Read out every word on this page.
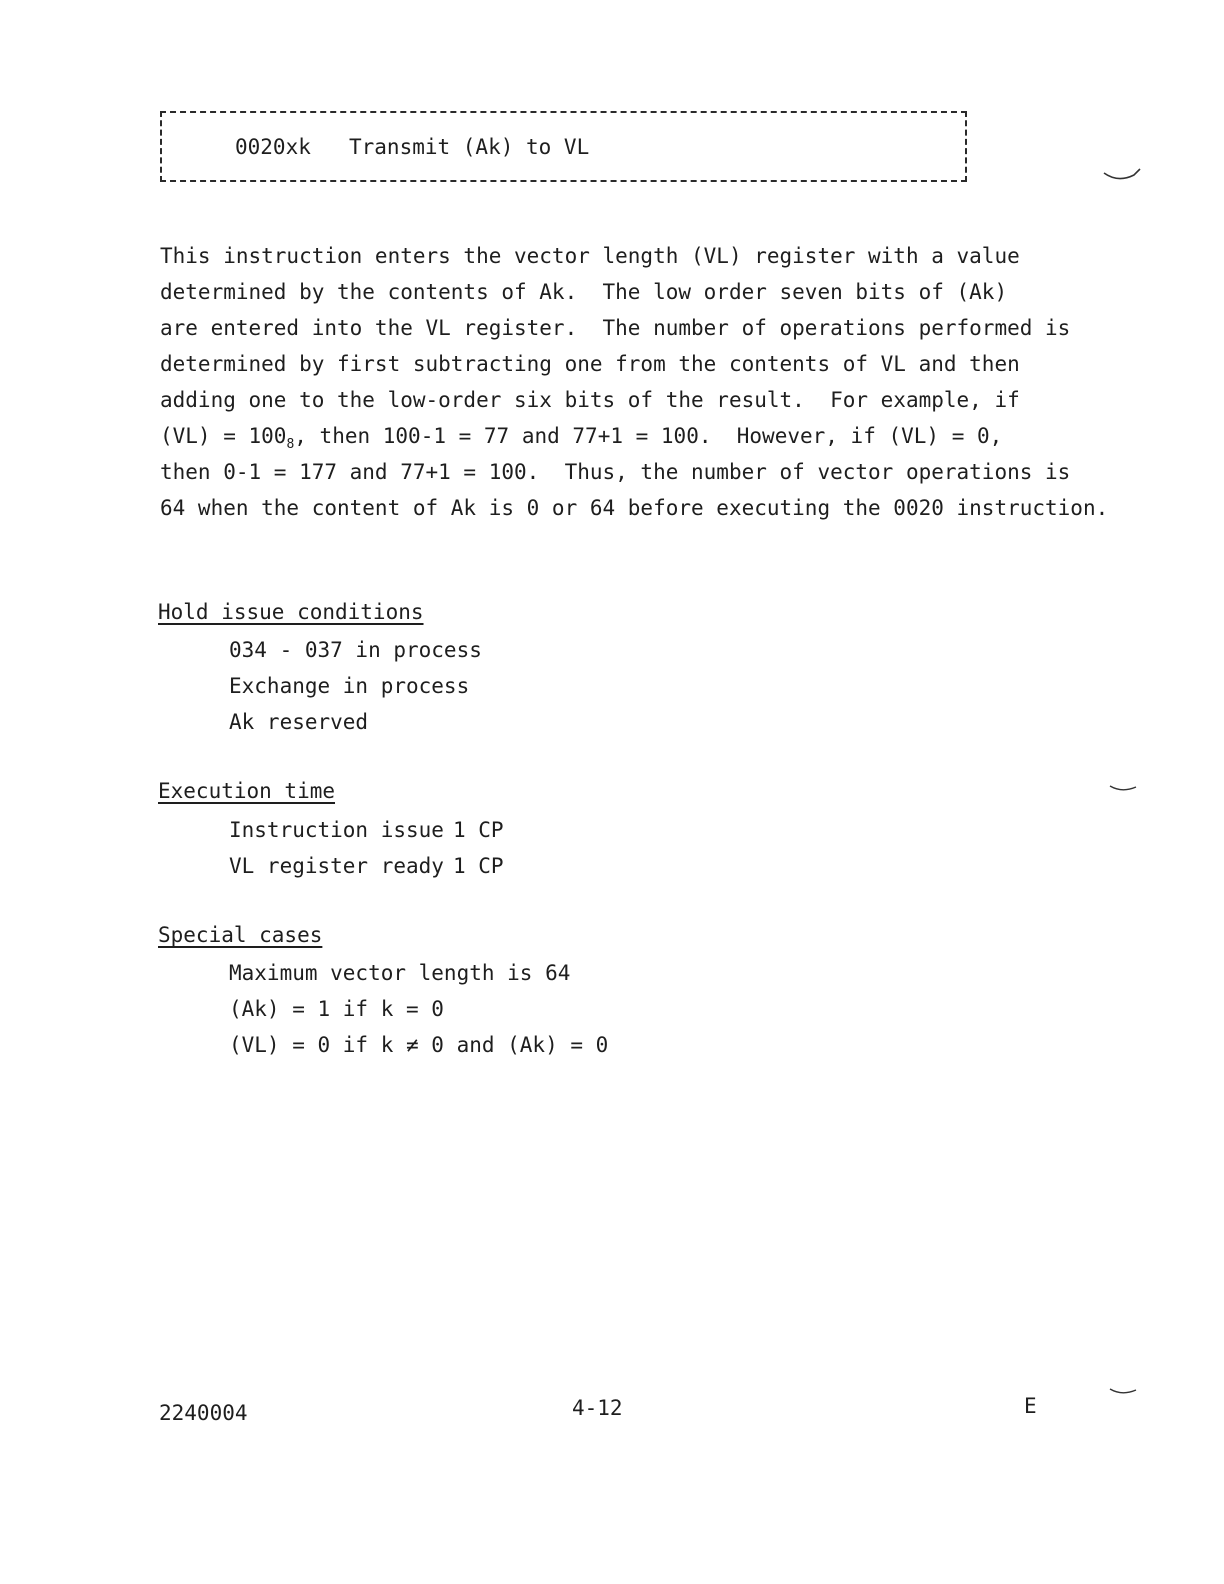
0020xk Transmit (Ak) to VL
This instruction enters the vector length (VL) register with a value
determined by the contents of Ak.  The low order seven bits of (Ak)
are entered into the VL register.  The number of operations performed is
determined by first subtracting one from the contents of VL and then
adding one to the low-order six bits of the result.  For example, if
$(VL) = 100_8$, then 100-1 = 77 and 77+1 = 100.  However, if (VL) = 0,
then 0-1 = 177 and 77+1 = 100.  Thus, the number of vector operations is
64 when the content of Ak is 0 or 64 before executing the 0020 instruction.
Hold issue conditions
034 - 037 in process
Exchange in process
Ak reserved
Execution time
Instruction issue 1 CP
VL register ready 1 CP
Special cases
Maximum vector length is 64
(Ak) = 1 if k = 0
(VL) = 0 if k ≠ 0 and (Ak) = 0
2240004	4-12	E
